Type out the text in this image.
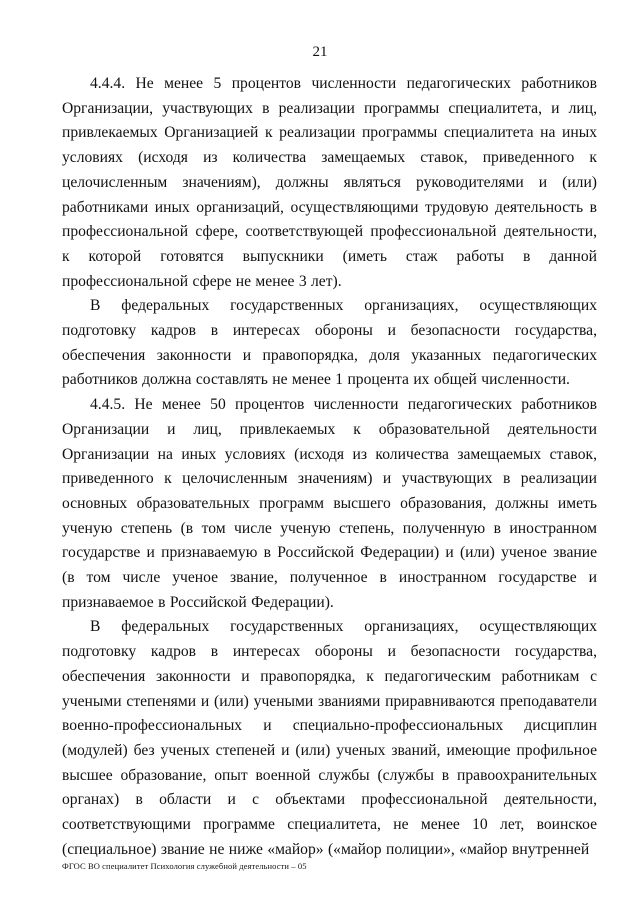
21

4.4.4. Не менее 5 процентов численности педагогических работников Организации, участвующих в реализации программы специалитета, и лиц, привлекаемых Организацией к реализации программы специалитета на иных условиях (исходя из количества замещаемых ставок, приведенного к целочисленным значениям), должны являться руководителями и (или) работниками иных организаций, осуществляющими трудовую деятельность в профессиональной сфере, соответствующей профессиональной деятельности, к которой готовятся выпускники (иметь стаж работы в данной профессиональной сфере не менее 3 лет).

В федеральных государственных организациях, осуществляющих подготовку кадров в интересах обороны и безопасности государства, обеспечения законности и правопорядка, доля указанных педагогических работников должна составлять не менее 1 процента их общей численности.

4.4.5. Не менее 50 процентов численности педагогических работников Организации и лиц, привлекаемых к образовательной деятельности Организации на иных условиях (исходя из количества замещаемых ставок, приведенного к целочисленным значениям) и участвующих в реализации основных образовательных программ высшего образования, должны иметь ученую степень (в том числе ученую степень, полученную в иностранном государстве и признаваемую в Российской Федерации) и (или) ученое звание (в том числе ученое звание, полученное в иностранном государстве и признаваемое в Российской Федерации).

В федеральных государственных организациях, осуществляющих подготовку кадров в интересах обороны и безопасности государства, обеспечения законности и правопорядка, к педагогическим работникам с учеными степенями и (или) учеными званиями приравниваются преподаватели военно-профессиональных и специально-профессиональных дисциплин (модулей) без ученых степеней и (или) ученых званий, имеющие профильное высшее образование, опыт военной службы (службы в правоохранительных органах) в области и с объектами профессиональной деятельности, соответствующими программе специалитета, не менее 10 лет, воинское (специальное) звание не ниже «майор» («майор полиции», «майор внутренней

ФГОС ВО специалитет Психология служебной деятельности – 05
